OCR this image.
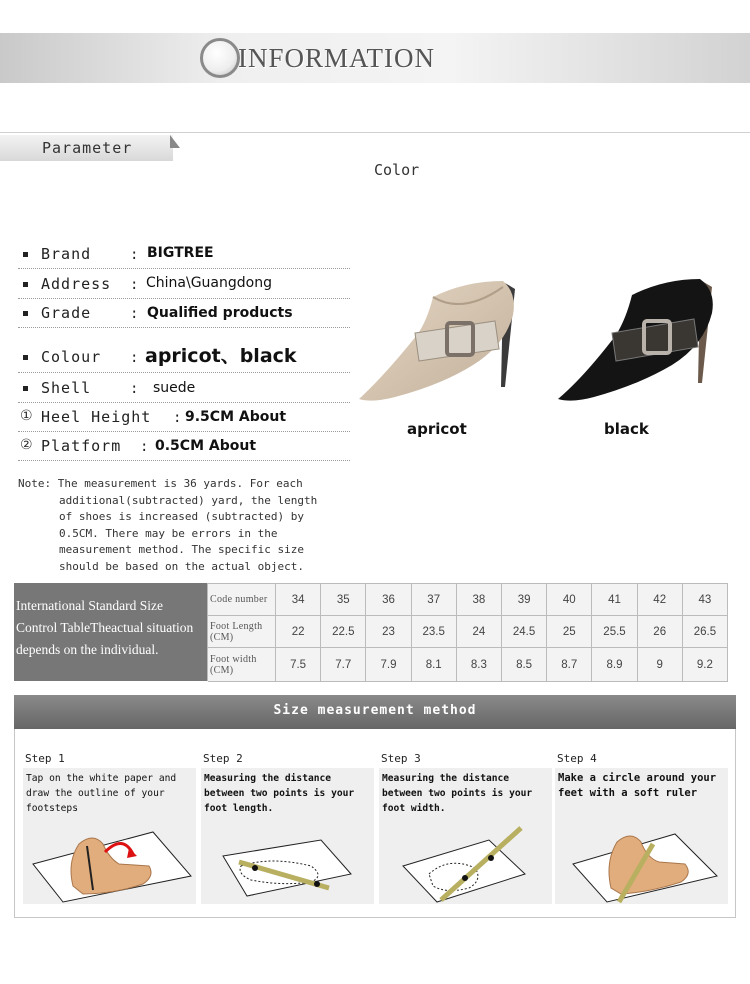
INFORMATION
Parameter
Color
Brand	: BIGTREE
Address : China\Guangdong
Grade	: Qualified products
Colour : apricot、black
Shell	: suede
① Heel Height : 9.5CM About
② Platform : 0.5CM About
apricot	black
Note: The measurement is 36 yards. For each
additional(subtracted) yard, the length
of shoes is increased (subtracted) by
0.5CM. There may be errors in the
measurement method. The specific size
should be based on the actual object.
International Standard Size
Control TableTheactual situation
depends on the individual.
Code number	34	35	36	37	38	39	40	41	42	43
Foot Length (CM)	22	22.5	23	23.5	24	24.5	25	25.5	26	26.5
Foot width (CM)	7.5	7.7	7.9	8.1	8.3	8.5	8.7	8.9	9	9.2
Size measurement method
Step 1	Step 2	Step 3	Step 4
Tap on the white paper and draw the outline of your footsteps
Measuring the distance between two points is your foot length.
Measuring the distance between two points is your foot width.
Make a circle around your feet with a soft ruler
